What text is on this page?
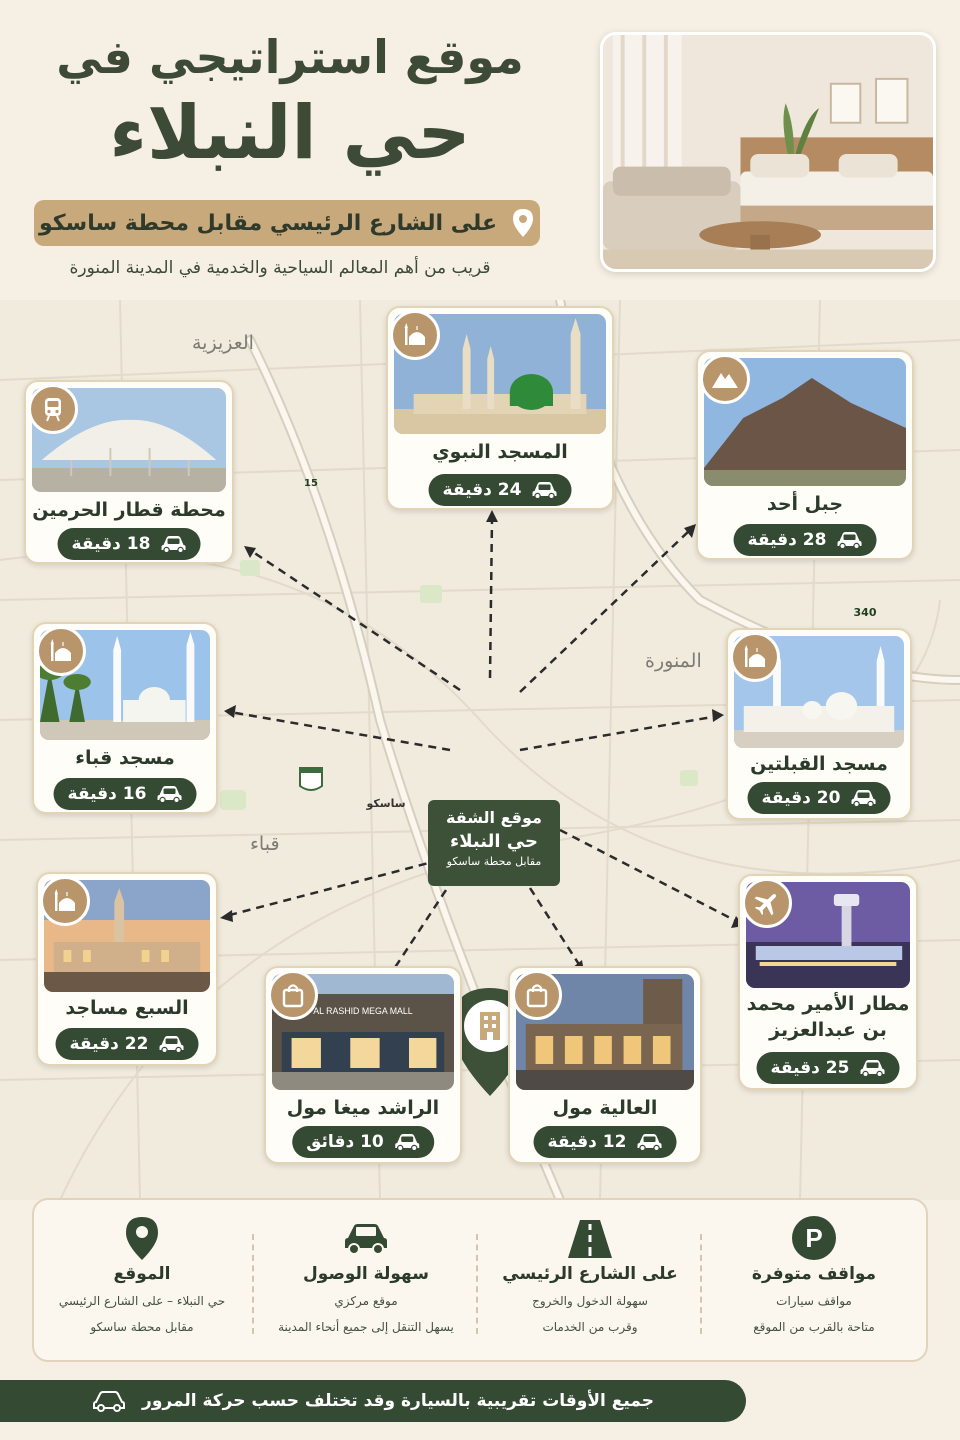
موقع استراتيجي في
حي النبلاء
على الشارع الرئيسي مقابل محطة ساسكو
قريب من أهم المعالم السياحية والخدمية في المدينة المنورة
العزيزية
المنورة
قباء
15
340
ساسكو
موقع الشقة
حي النبلاء
مقابل محطة ساسكو
المسجد النبوي
24 دقيقة
محطة قطار الحرمين
18 دقيقة
جبل أحد
28 دقيقة
مسجد قباء
16 دقيقة
مسجد القبلتين
20 دقيقة
السبع مساجد
22 دقيقة
AL RASHID MEGA MALL
الراشد ميغا مول
10 دقائق
العالية مول
12 دقيقة
مطار الأمير محمد بن عبدالعزيز
25 دقيقة
P
مواقف متوفرة
مواقف سيارات
متاحة بالقرب من الموقع
على الشارع الرئيسي
سهولة الدخول والخروج
وقرب من الخدمات
سهولة الوصول
موقع مركزي
يسهل التنقل إلى جميع أنحاء المدينة
الموقع
حي النبلاء – على الشارع الرئيسي
مقابل محطة ساسكو
جميع الأوقات تقريبية بالسيارة وقد تختلف حسب حركة المرور
